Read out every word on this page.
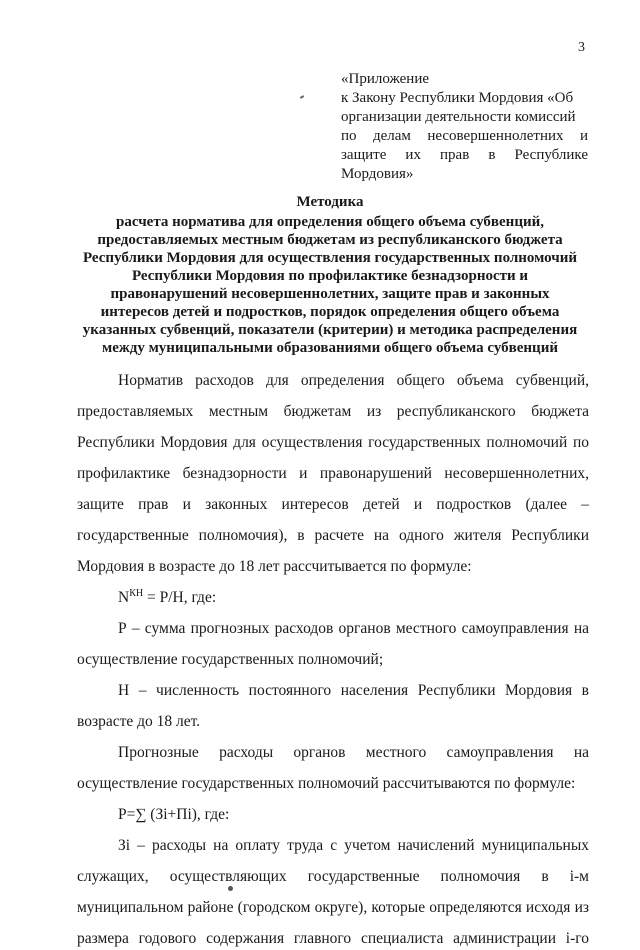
3
«Приложение
к Закону Республики Мордовия «Об
организации деятельности комиссий
по делам несовершеннолетних и
защите их прав в Республике
Мордовия»
Методика
расчета норматива для определения общего объема субвенций,
предоставляемых местным бюджетам из республиканского бюджета
Республики Мордовия для осуществления государственных полномочий
Республики Мордовия по профилактике безнадзорности и
правонарушений несовершеннолетних, защите прав и законных
интересов детей и подростков, порядок определения общего объема
указанных субвенций, показатели (критерии) и методика распределения
между муниципальными образованиями общего объема субвенций
Норматив расходов для определения общего объема субвенций,
предоставляемых местным бюджетам из республиканского бюджета
Республики Мордовия для осуществления государственных полномочий по
профилактике безнадзорности и правонарушений несовершеннолетних,
защите прав и законных интересов детей и подростков (далее –
государственные полномочия), в расчете на одного жителя Республики
Мордовия в возрасте до 18 лет рассчитывается по формуле:
$N^{КН} = Р/Н$, где:
Р – сумма прогнозных расходов органов местного самоуправления на
осуществление государственных полномочий;
Н – численность постоянного населения Республики Мордовия в
возрасте до 18 лет.
Прогнозные расходы органов местного самоуправления на
осуществление государственных полномочий рассчитываются по формуле:
Р=∑ (Зi+Пi), где:
Зi – расходы на оплату труда с учетом начислений муниципальных
служащих, осуществляющих государственные полномочия в i-м
муниципальном районе (городском округе), которые определяются исходя из
размера годового содержания главного специалиста администрации i-го
